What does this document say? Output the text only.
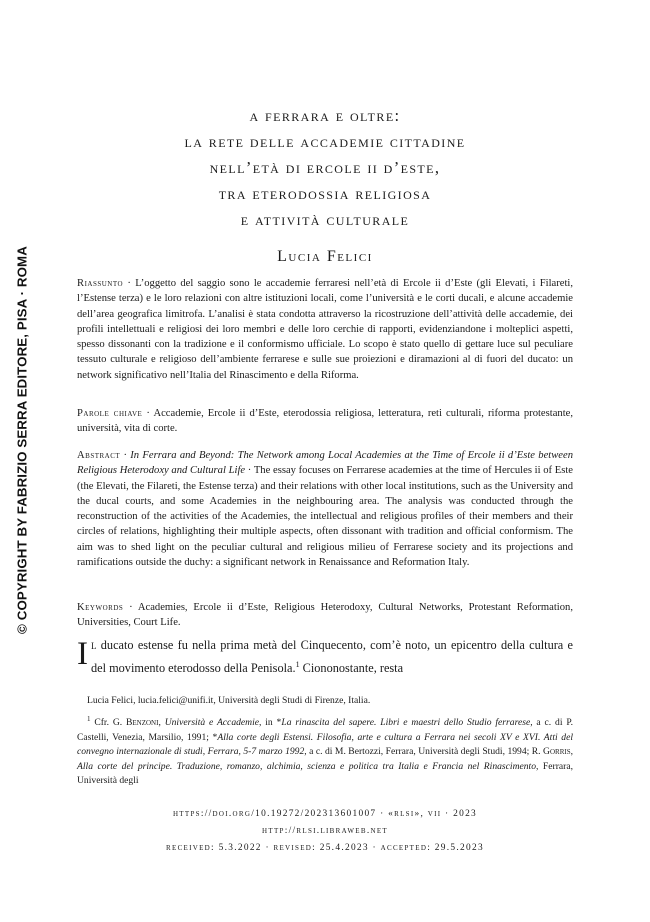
© COPYRIGHT BY FABRIZIO SERRA EDITORE, PISA · ROMA
a ferrara e oltre:
la rete delle accademie cittadine
nell’età di ercole ii d’este,
tra eterodossia religiosa
e attività culturale

Lucia Felici

Riassunto · L’oggetto del saggio sono le accademie ferraresi nell’età di Ercole ii d’Este (gli Elevati, i Filareti, l’Estense terza) e le loro relazioni con altre istituzioni locali, come l’università e le corti ducali, e alcune accademie dell’area geografica limitrofa. L’analisi è stata condotta attraverso la ricostruzione dell’attività delle accademie, dei profili intellettuali e religiosi dei loro membri e delle loro cerchie di rapporti, evidenziandone i molteplici aspetti, spesso dissonanti con la tradizione e il conformismo ufficiale. Lo scopo è stato quello di gettare luce sul peculiare tessuto culturale e religioso dell’ambiente ferrarese e sulle sue proiezioni e diramazioni al di fuori del ducato: un network significativo nell’Italia del Rinascimento e della Riforma.

Parole chiave · Accademie, Ercole ii d’Este, eterodossia religiosa, letteratura, reti culturali, riforma protestante, università, vita di corte.

Abstract · In Ferrara and Beyond: The Network among Local Academies at the Time of Ercole ii d’Este between Religious Heterodoxy and Cultural Life · The essay focuses on Ferrarese academies at the time of Hercules ii of Este (the Elevati, the Filareti, the Estense terza) and their relations with other local institutions, such as the University and the ducal courts, and some Academies in the neighbouring area. The analysis was conducted through the reconstruction of the activities of the Academies, the intellectual and religious profiles of their members and their circles of relations, highlighting their multiple aspects, often dissonant with tradition and official conformism. The aim was to shed light on the peculiar cultural and religious milieu of Ferrarese society and its projections and ramifications outside the duchy: a significant network in Renaissance and Reformation Italy.

Keywords · Academies, Ercole ii d’Este, Religious Heterodoxy, Cultural Networks, Protestant Reformation, Universities, Court Life.

Il ducato estense fu nella prima metà del Cinquecento, com’è noto, un epicentro della cultura e del movimento eterodosso della Penisola.$^1$ Ciononostante, resta

Lucia Felici, lucia.felici@unifi.it, Università degli Studi di Firenze, Italia.

$^1$ Cfr. G. Benzoni, Università e Accademie, in *La rinascita del sapere. Libri e maestri dello Studio ferrarese, a c. di P. Castelli, Venezia, Marsilio, 1991; *Alla corte degli Estensi. Filosofia, arte e cultura a Ferrara nei secoli XV e XVI. Atti del convegno internazionale di studi, Ferrara, 5-7 marzo 1992, a c. di M. Bertozzi, Ferrara, Università degli Studi, 1994; R. Gorris, Alla corte del principe. Traduzione, romanzo, alchimia, scienza e politica tra Italia e Francia nel Rinascimento, Ferrara, Università degli

https://doi.org/10.19272/202313601007 · «rlsi», vii · 2023
http://rlsi.libraweb.net
received: 5.3.2022 · revised: 25.4.2023 · accepted: 29.5.2023
